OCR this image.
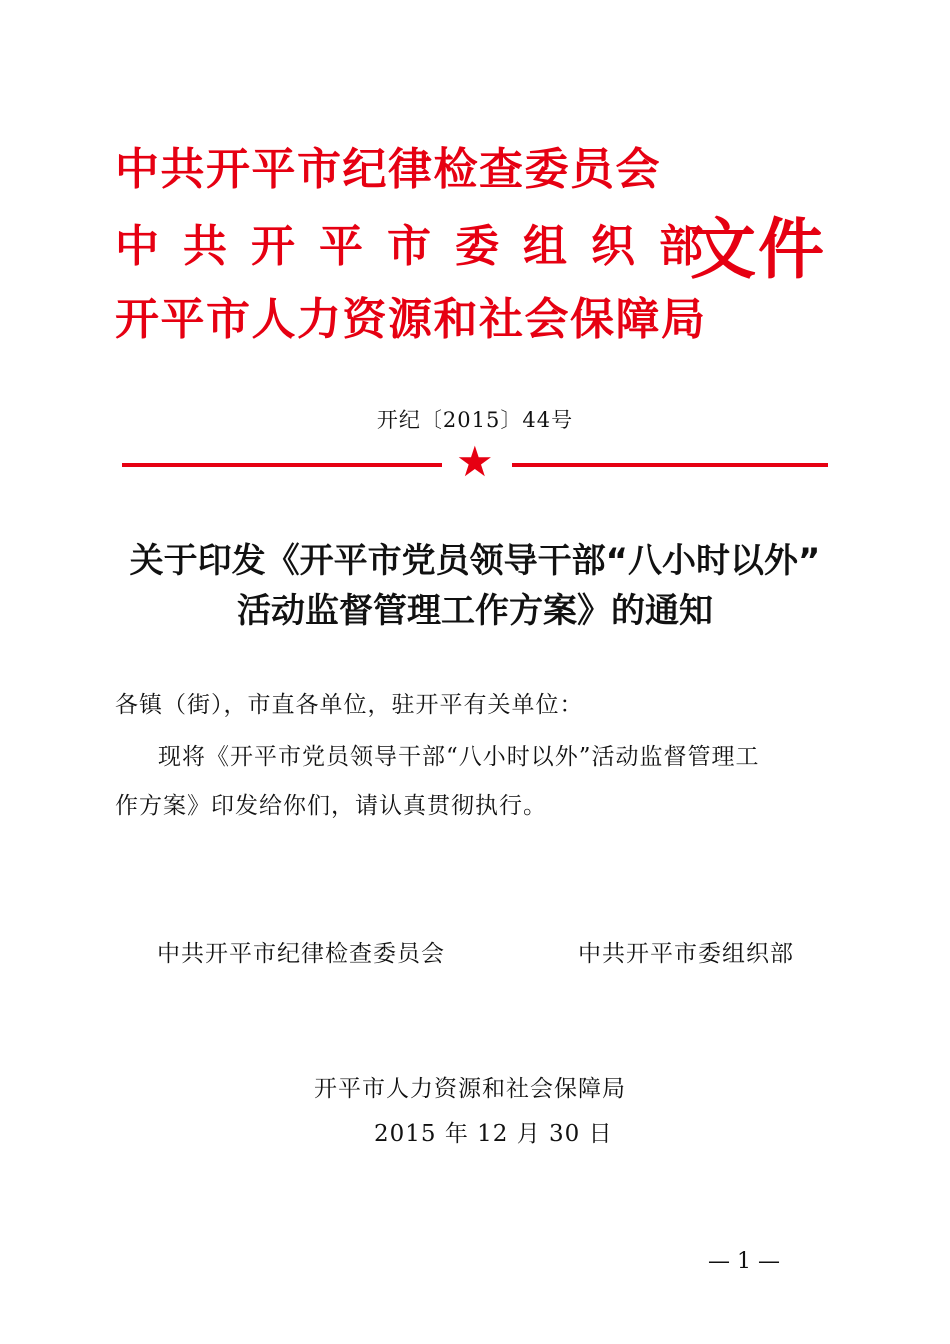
中共开平市纪律检查委员会
中共开平市委组织部
开平市人力资源和社会保障局
文件
开纪〔2015〕44号
★
关于印发《开平市党员领导干部“八小时以外”
活动监督管理工作方案》的通知
各镇（街），市直各单位，驻开平有关单位：
现将《开平市党员领导干部“八小时以外”活动监督管理工
作方案》印发给你们，请认真贯彻执行。
中共开平市纪律检查委员会	中共开平市委组织部
开平市人力资源和社会保障局
2015 年 12 月 30 日
— 1 —
